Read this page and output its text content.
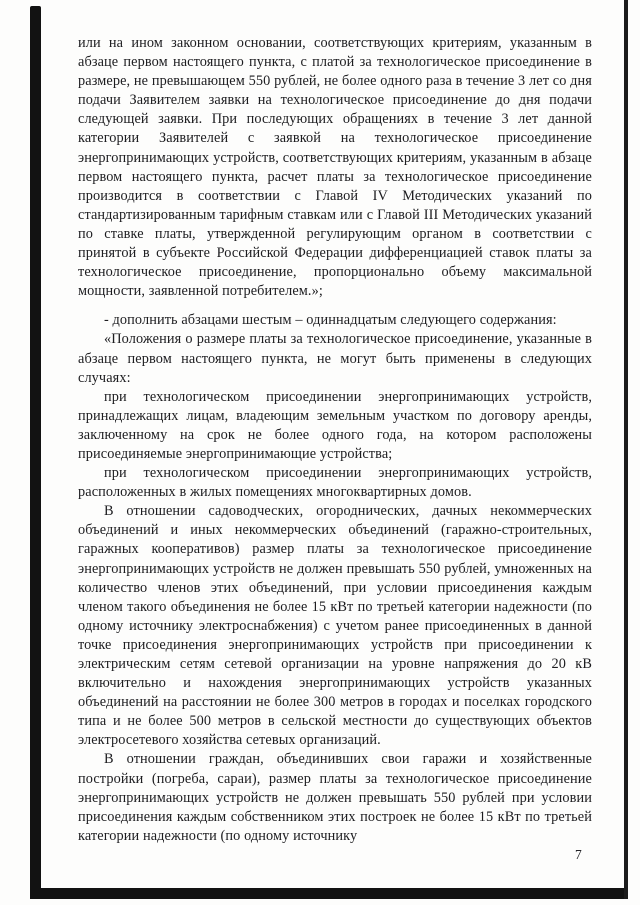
или на ином законном основании, соответствующих критериям, указанным в абзаце первом настоящего пункта, с платой за технологическое присоединение в размере, не превышающем 550 рублей, не более одного раза в течение 3 лет со дня подачи Заявителем заявки на технологическое присоединение до дня подачи следующей заявки. При последующих обращениях в течение 3 лет данной категории Заявителей с заявкой на технологическое присоединение энергопринимающих устройств, соответствующих критериям, указанным в абзаце первом настоящего пункта, расчет платы за технологическое присоединение производится в соответствии с Главой IV Методических указаний по стандартизированным тарифным ставкам или с Главой III Методических указаний по ставке платы, утвержденной регулирующим органом в соответствии с принятой в субъекте Российской Федерации дифференциацией ставок платы за технологическое присоединение, пропорционально объему максимальной мощности, заявленной потребителем.»;

- дополнить абзацами шестым – одиннадцатым следующего содержания:

«Положения о размере платы за технологическое присоединение, указанные в абзаце первом настоящего пункта, не могут быть применены в следующих случаях:

при технологическом присоединении энергопринимающих устройств, принадлежащих лицам, владеющим земельным участком по договору аренды, заключенному на срок не более одного года, на котором расположены присоединяемые энергопринимающие устройства;

при технологическом присоединении энергопринимающих устройств, расположенных в жилых помещениях многоквартирных домов.

В отношении садоводческих, огороднических, дачных некоммерческих объединений и иных некоммерческих объединений (гаражно-строительных, гаражных кооперативов) размер платы за технологическое присоединение энергопринимающих устройств не должен превышать 550 рублей, умноженных на количество членов этих объединений, при условии присоединения каждым членом такого объединения не более 15 кВт по третьей категории надежности (по одному источнику электроснабжения) с учетом ранее присоединенных в данной точке присоединения энергопринимающих устройств при присоединении к электрическим сетям сетевой организации на уровне напряжения до 20 кВ включительно и нахождения энергопринимающих устройств указанных объединений на расстоянии не более 300 метров в городах и поселках городского типа и не более 500 метров в сельской местности до существующих объектов электросетевого хозяйства сетевых организаций.

В отношении граждан, объединивших свои гаражи и хозяйственные постройки (погреба, сараи), размер платы за технологическое присоединение энергопринимающих устройств не должен превышать 550 рублей при условии присоединения каждым собственником этих построек не более 15 кВт по третьей категории надежности (по одному источнику

7
